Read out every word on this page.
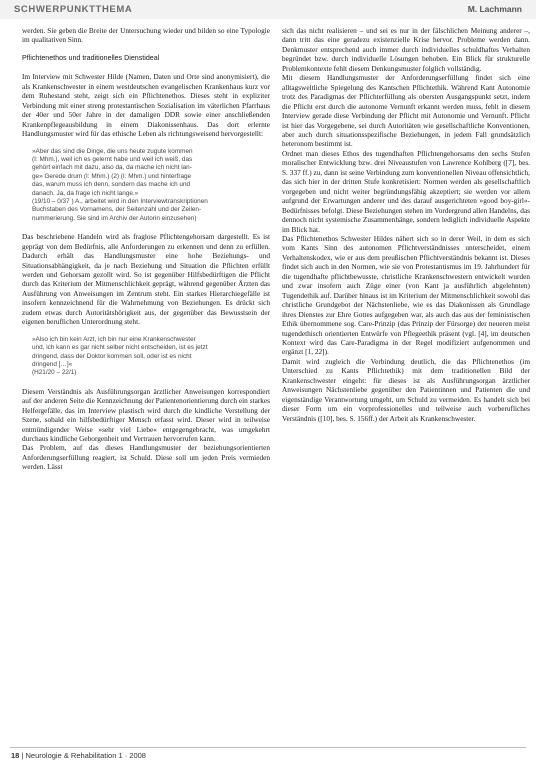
SCHWERPUNKTTHEMA	M. Lachmann

werden. Sie geben die Breite der Untersuchung wieder und bilden so eine Typologie im qualitativen Sinn.

Pflichtenethos und traditionelles Dienstideal

Im Interview mit Schwester Hilde (Namen, Daten und Orte sind anonymisiert), die als Krankenschwester in einem westdeutschen evangelischen Krankenhaus kurz vor dem Ruhestand steht, zeigt sich ein Pflichtenethos. Dieses steht in expliziter Verbindung mit einer streng protestantischen Sozialisation im väterlichen Pfarrhaus der 40er und 50er Jahre in der damaligen DDR sowie einer anschließenden Krankenpflegeausbildung in einem Diakonissenhaus. Das dort erlernte Handlungsmuster wird für das ethische Leben als richtungsweisend hervorgestellt:

»Aber das sind die Dinge, die uns heute zugute kommen
(I: Mhm.), weil ich es gelernt habe und weil ich weiß, das
gehört einfach mit dazu, also da, da mache ich nicht lan-
ge» Gerede drum (I: Mhm.) (2) (I: Mhm.) und hinterfrage
das, warum muss ich denn, sondern das mache ich und
danach. Ja, da frage ich nicht lange.»
(19/10 – 0/37 ) A., arbeitet wird in den Interviewtranskriptionen
Buchstaben des Vornamens, der Seitenzahl und der Zeilen-
nummerierung. Sie sind im Archiv der Autorin einzusehen)

Das beschriebene Handeln wird als fraglose Pflichtengehorsam dargestellt. Es ist geprägt von dem Bedürfnis, alle Anforderungen zu erkennen und denn zu erfüllen. Dadurch erhält das Handlungsmuster eine hohe Beziehungs- und Situationsabhängigkeit, da je nach Beziehung und Situation die Pflichten erfüllt werden und Gehorsam gezollt wird. So ist gegenüber Hilfsbedürftigen die Pflicht durch das Kriterium der Mitmenschlichkeit geprägt, während gegenüber Ärzten das Ausführung von Anweisungen im Zentrum steht. Ein starkes Hierarchiegefälle ist insofern kennzeichnend für die Wahrnehmung von Beziehungen. Es drückt sich zudem etwas durch Autoritätshörigkeit aus, der gegenüber das Bewusstsein der eigenen beruflichen Unterordnung steht.

»Also ich bin kein Arzt, ich bin nur eine Krankenschwester
und, ich kann es gar nicht selber nicht entscheiden, ist es jetzt
dringend, dass der Doktor kommen soll, oder ist es nicht
dringend […]«
(H21/20 – 22/1)

Diesem Verständnis als Ausführungsorgan ärztlicher Anweisungen korrespondiert auf der anderen Seite die Kennzeichnung der Patientenorientierung durch ein starkes Helfergefälle, das im Interview plastisch wird durch die kindliche Verstellung der Szene, sobald ein hilfsbedürftiger Mensch erfasst wird. Dieser wird in teilweise entmündigender Weise »sehr viel Liebe« entgegengebracht, was umgekehrt durchaus kindliche Geborgenheit und Vertrauen hervorrufen kann.

Das Problem, auf das dieses Handlungsmuster der beziehungsorientierten Anforderungserfüllung reagiert, ist Schuld. Diese soll um jeden Preis vermieden werden. Lässt

sich das nicht realisieren – und sei es nur in der fälschlichen Meinung anderer –, dann tritt das eine geradezu existenzielle Krise hervor. Probleme werden dann. Denkmuster entsprechend auch immer durch individuelles schuldhaftes Verhalten begründet bzw. durch individuelle Lösungen behoben. Ein Blick für strukturelle Problemkontexte fehlt diesem Denkungsmuster folglich vollständig.

Mit diesem Handlungsmuster der Anforderungserfüllung findet sich eine alltagsweltliche Spiegelung des Kantschen Pflichtethik. Während Kant Autonomie trotz des Paradigmas der Pflichterfüllung als obersten Ausgangspunkt setzt, indem die Pflicht erst durch die autonome Vernunft erkannt werden muss, fehlt in diesem Interview gerade diese Verbindung der Pflicht mit Autonomie und Vernunft. Pflicht ist hier das Vorgegebene, sei durch Autoritäten wie gesellschaftliche Konventionen, aber auch durch situationsspezifische Beziehungen, in jedem Fall grundsätzlich heteronom bestimmt ist.

Ordnet man dieses Ethos des tugendhaften Pflichtengehorsams den sechs Stufen moralischer Entwicklung bzw. drei Niveaustufen von Lawrence Kohlberg ([7], bes. S. 337 ff.) zu, dann ist seine Verbindung zum konventionellen Niveau offensichtlich, das sich hier in der dritten Stufe konkretisiert: Normen werden als gesellschaftlich vorgegeben und nicht weiter begründungsfähig akzeptiert; sie werden vor allem aufgrund der Erwartungen anderer und des darauf ausgerichteten »good boy-girl«-Bedürfnisses befolgt. Diese Beziehungen stehen im Vordergrund allen Handelns, das dennoch nicht systemische Zusammenhänge, sondern lediglich individuelle Aspekte im Blick hat.

Das Pflichtenethos Schwester Hildes nähert sich so in derer Weil, in dem es sich vom Kants Sinn des autonomen Pflichtverständnisses unterscheidet, einem Verhaltenskodex, wie er aus dem preußischen Pflichtverständnis bekannt ist. Dieses findet sich auch in den Normen, wie sie von Protestantismus im 19. Jahrhundert für die tugendhafte pflichtbewusste, christliche Krankenschwestern entwickelt wurden und zwar insofern auch Züge einer (von Kant ja ausführlich abgelehnten) Tugendethik auf. Darüber hinaus ist im Kriterium der Mitmenschlichkeit sowohl das christliche Grundgebot der Nächstenliebe, wie es das Diakonissen als Grundlage ihres Dienstes zur Ehre Gottes aufgegeben war, als auch das aus der feministischen Ethik übernommene sog. Care-Prinzip (das Prinzip der Fürsorge) der neueren meist tugendethisch orientierten Entwürfe von Pflegeethik präsent (vgl. [4], im deutschen Kontext wird das Care-Paradigma in der Regel modifiziert aufgenommen und ergänzt [1, 22]).

Damit wird zugleich die Verbindung deutlich, die das Pflichtenethos (im Unterschied zu Kants Pflichtethik) mit dem traditionellen Bild der Krankenschwester eingeht: für dieses ist als Ausführungsorgan ärztlicher Anweisungen Nächstenliebe gegenüber den Patientinnen und Patienten die und eigenständige Verantwortung umgeht, um Schuld zu vermeiden. Es handelt sich bei dieser Form um ein vorprofessionelles und teilweise auch vorberufliches Verständnis ([10], bes. S. 156ff.) der Arbeit als Krankenschwester.

18 | Neurologie & Rehabilitation 1 · 2008
